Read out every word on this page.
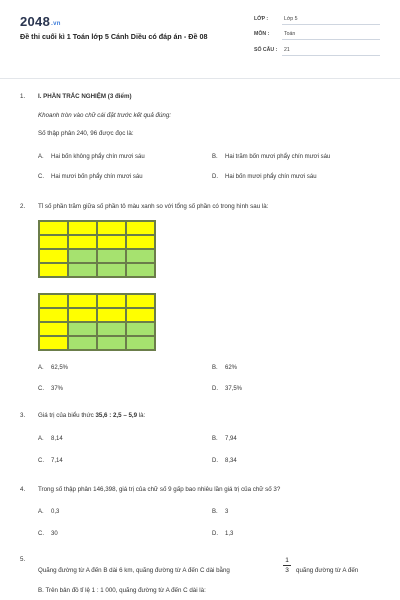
2048.vn
Đề thi cuối kì 1 Toán lớp 5 Cánh Diều có đáp án - Đề 08
LỚP :	Lớp 5
MÔN :	Toán
SỐ CÂU : 21
1. I. PHẦN TRẮC NGHIỆM (3 điểm)
Khoanh tròn vào chữ cái đặt trước kết quả đúng:
Số thập phân 240, 96 được đọc là:
A. Hai bốn không phẩy chín mươi sáu	B. Hai trăm bốn mươi phẩy chín mươi sáu
C. Hai mươi bốn phẩy chín mươi sáu	D. Hai bốn mươi phẩy chín mươi sáu
2. Tỉ số phần trăm giữa số phần tô màu xanh so với tổng số phần có trong hình sau là:
A. 62,5%	B. 62%
C. 37%	D. 37,5%
3. Giá trị của biểu thức 35,6 : 2,5 – 5,9 là:
A. 8,14	B. 7,94
C. 7,14	D. 8,34
4. Trong số thập phân 146,398, giá trị của chữ số 9 gấp bao nhiêu lần giá trị của chữ số 3?
A. 0,3	B. 3
C. 30	D. 1,3
5.
Quãng đường từ A đến B dài 6 km, quãng đường từ A đến C dài bằng
1
3	quãng đường từ A đến
B. Trên bản đồ tỉ lệ 1 : 1 000, quãng đường từ A đến C dài là:
